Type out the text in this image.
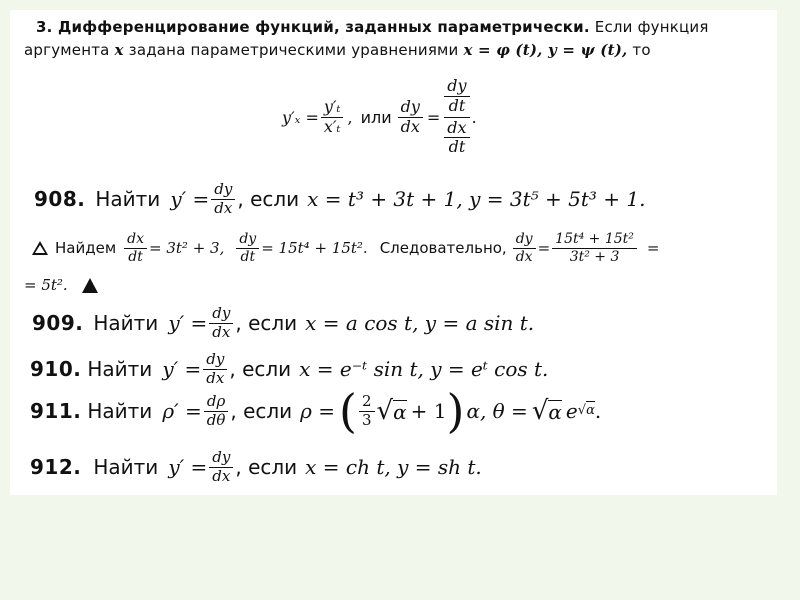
3. Дифференцирование функций, заданных параметрически. Если функция
аргумента x задана параметрическими уравнениями x = φ (t), y = ψ (t), то
$y'_x = \frac{\text{y′ₜ}}{\text{x′ₜ}}$ , или $\frac{dy}{dx} = \frac{\frac{dy}{dt}}{\frac{dx}{dt}}$ .
908. Найти $y' = \frac{dy}{dx}$ , если x = t³ + 3t + 1, y = 3t⁵ + 5t³ + 1.
Найдем $\frac{dx}{dt} = 3t^2 + 3$, $\frac{dy}{dt} = 15t^4 + 15t^2$. Следовательно, $\frac{dy}{dx} = \frac{\text{15t⁴ + 15t²}}{\text{3t² + 3}}$ =
= 5t².
909. Найти $y' = \frac{dy}{dx}$ , если x = a cos t, y = a sin t.
910. Найти $y' = \frac{dy}{dx}$ , если x = e⁻ᵗ sin t, y = eᵗ cos t.
911. Найти $\rho' = \frac{d\rho}{d\theta}$ , если ρ = ( $\frac{2}{3}$ √ α + 1 ) α, θ = √ α e √α .
912. Найти $y' = \frac{dy}{dx}$ , если x = ch t, y = sh t.
